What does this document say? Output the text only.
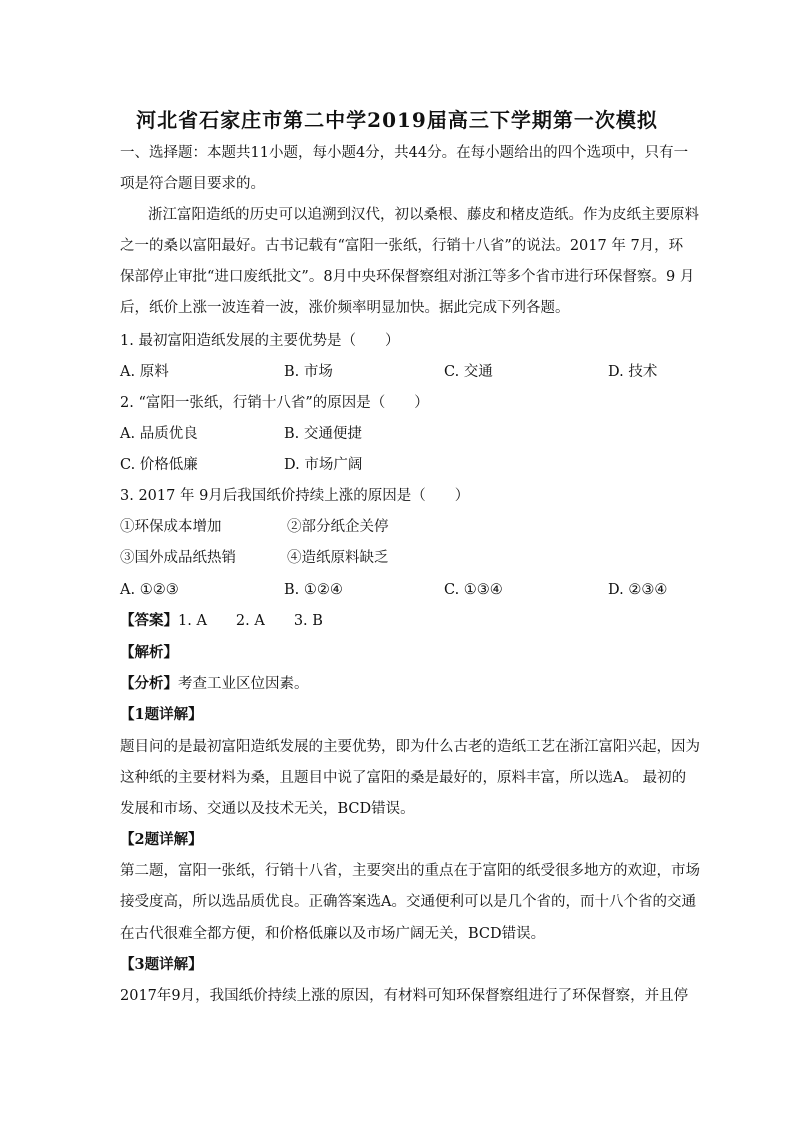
河北省石家庄市第二中学2019届高三下学期第一次模拟
一、选择题：本题共11小题，每小题4分，共44分。在每小题给出的四个选项中，只有一
项是符合题目要求的。
浙江富阳造纸的历史可以追溯到汉代，初以桑根、藤皮和楮皮造纸。作为皮纸主要原料
之一的桑以富阳最好。古书记载有“富阳一张纸，行销十八省”的说法。2017 年 7月，环
保部停止审批“进口废纸批文”。8月中央环保督察组对浙江等多个省市进行环保督察。9 月
后，纸价上涨一波连着一波，涨价频率明显加快。据此完成下列各题。
1. 最初富阳造纸发展的主要优势是（　　）
A. 原料	B. 市场	C. 交通	D. 技术
2. “富阳一张纸，行销十八省”的原因是（　　）
A. 品质优良	B. 交通便捷
C. 价格低廉	D. 市场广阔
3. 2017 年 9月后我国纸价持续上涨的原因是（　　）
①环保成本增加	②部分纸企关停
③国外成品纸热销	④造纸原料缺乏
A. ①②③	B. ①②④	C. ①③④	D. ②③④
【答案】1. A　　2. A　　3. B
【解析】
【分析】考查工业区位因素。
【1题详解】
题目问的是最初富阳造纸发展的主要优势，即为什么古老的造纸工艺在浙江富阳兴起，因为
这种纸的主要材料为桑，且题目中说了富阳的桑是最好的，原料丰富，所以选A。 最初的
发展和市场、交通以及技术无关，BCD错误。
【2题详解】
第二题，富阳一张纸，行销十八省，主要突出的重点在于富阳的纸受很多地方的欢迎，市场
接受度高，所以选品质优良。正确答案选A。交通便利可以是几个省的，而十八个省的交通
在古代很难全都方便，和价格低廉以及市场广阔无关，BCD错误。
【3题详解】
2017年9月，我国纸价持续上涨的原因，有材料可知环保督察组进行了环保督察，并且停
